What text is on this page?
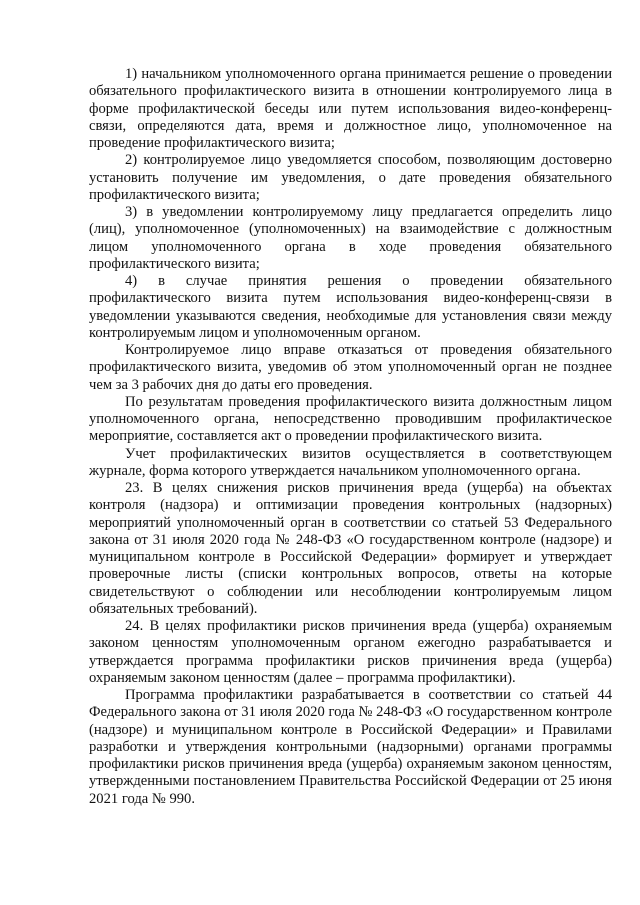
1) начальником уполномоченного органа принимается решение о проведении обязательного профилактического визита в отношении контролируемого лица в форме профилактической беседы или путем использования видео-конференц-связи, определяются дата, время и должностное лицо, уполномоченное на проведение профилактического визита;

2) контролируемое лицо уведомляется способом, позволяющим достоверно установить получение им уведомления, о дате проведения обязательного профилактического визита;

3) в уведомлении контролируемому лицу предлагается определить лицо (лиц), уполномоченное (уполномоченных) на взаимодействие с должностным лицом уполномоченного органа в ходе проведения обязательного профилактического визита;

4) в случае принятия решения о проведении обязательного профилактического визита путем использования видео-конференц-связи в уведомлении указываются сведения, необходимые для установления связи между контролируемым лицом и уполномоченным органом.

Контролируемое лицо вправе отказаться от проведения обязательного профилактического визита, уведомив об этом уполномоченный орган не позднее чем за 3 рабочих дня до даты его проведения.

По результатам проведения профилактического визита должностным лицом уполномоченного органа, непосредственно проводившим профилактическое мероприятие, составляется акт о проведении профилактического визита.

Учет профилактических визитов осуществляется в соответствующем журнале, форма которого утверждается начальником уполномоченного органа.

23. В целях снижения рисков причинения вреда (ущерба) на объектах контроля (надзора) и оптимизации проведения контрольных (надзорных) мероприятий уполномоченный орган в соответствии со статьей 53 Федерального закона от 31 июля 2020 года № 248-ФЗ «О государственном контроле (надзоре) и муниципальном контроле в Российской Федерации» формирует и утверждает проверочные листы (списки контрольных вопросов, ответы на которые свидетельствуют о соблюдении или несоблюдении контролируемым лицом обязательных требований).

24. В целях профилактики рисков причинения вреда (ущерба) охраняемым законом ценностям уполномоченным органом ежегодно разрабатывается и утверждается программа профилактики рисков причинения вреда (ущерба) охраняемым законом ценностям (далее – программа профилактики).

Программа профилактики разрабатывается в соответствии со статьей 44 Федерального закона от 31 июля 2020 года № 248-ФЗ «О государственном контроле (надзоре) и муниципальном контроле в Российской Федерации» и Правилами разработки и утверждения контрольными (надзорными) органами программы профилактики рисков причинения вреда (ущерба) охраняемым законом ценностям, утвержденными постановлением Правительства Российской Федерации от 25 июня 2021 года № 990.
